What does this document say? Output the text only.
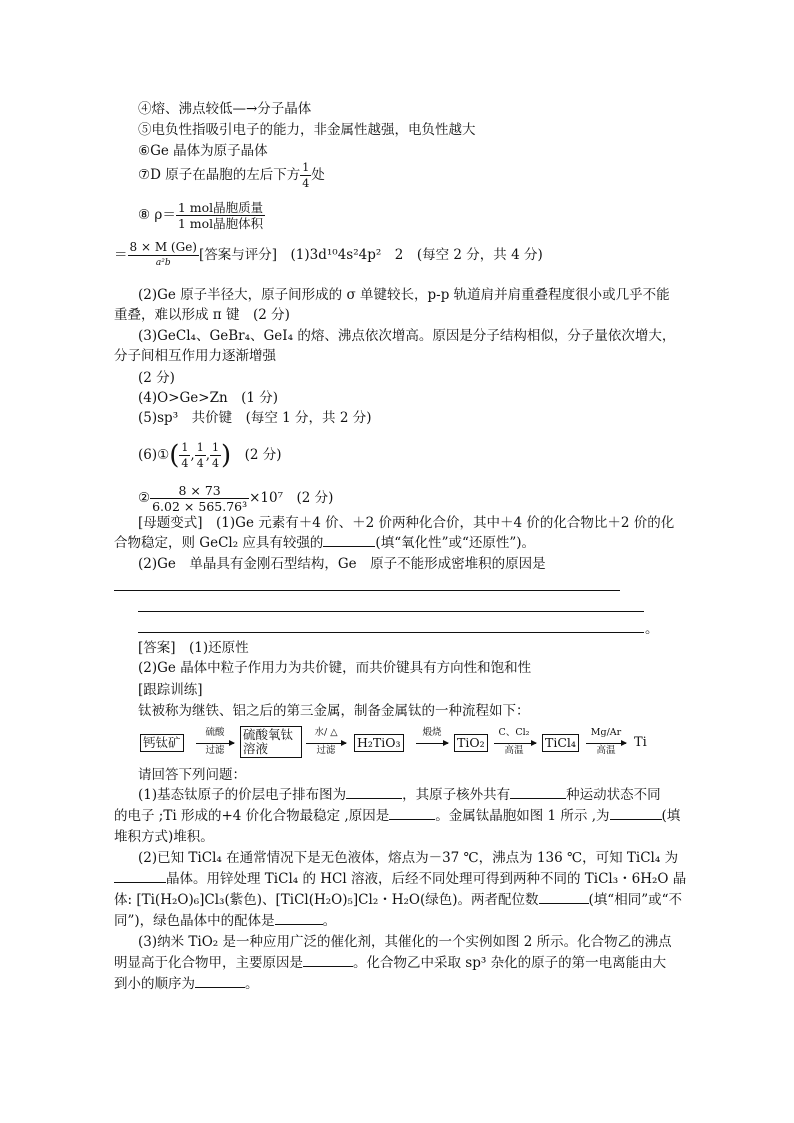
④熔、沸点较低—→分子晶体
⑤电负性指吸引电子的能力，非金属性越强，电负性越大
⑥Ge 晶体为原子晶体
⑦D 原子在晶胞的左后下方 $\frac{1}{4}$ 处
⑧ $\rho= \frac{\text{1 mol晶胞质量}}{\text{1 mol晶胞体积}}$
＝ $\frac{8 \times M (Ge)}{\text{a²b}}$ [答案与评分]　(1)3d¹⁰4s²4p²　2　(每空 2 分，共 4 分)
(2)Ge 原子半径大，原子间形成的 σ 单键较长，p-p 轨道肩并肩重叠程度很小或几乎不能
重叠，难以形成 π 键　(2 分)
(3)GeCl₄、GeBr₄、GeI₄ 的熔、沸点依次增高。原因是分子结构相似，分子量依次增大，
分子间相互作用力逐渐增强
(2 分)
(4)O>Ge>Zn　(1 分)
(5)sp³　共价键　(每空 1 分，共 2 分)
(6)①( $\frac{1}{4}$ , $\frac{1}{4}$ , $\frac{1}{4}$ )　 (2 分)
② $\frac{8 \times 73}{\text{6.02 × 565.76³}} \times 10^7$　(2 分)
[母题变式]　(1)Ge 元素有＋4 价、＋2 价两种化合价，其中＋4 价的化合物比＋2 价的化
合物稳定，则 GeCl₂ 应具有较强的	(填“氧化性”或“还原性”)。
(2)Ge　单晶具有金刚石型结构，Ge　原子不能形成密堆积的原因是
。
[答案]　(1)还原性
(2)Ge 晶体中粒子作用力为共价键，而共价键具有方向性和饱和性
[跟踪训练]
钛被称为继铁、铝之后的第三金属，制备金属钛的一种流程如下：
钙钛矿
硫酸
过滤
硫酸氧钛
溶液
水/ △
过滤
H₂TiO₃
煅烧
TiO₂
C、Cl₂
高温
TiCl₄
Mg/Ar
高温
Ti
请回答下列问题：
(1)基态钛原子的价层电子排布图为	，其原子核外共有	种运动状态不同
的电子 ;Ti 形成的+4 价化合物最稳定 ,原因是	。金属钛晶胞如图 1 所示 ,为	(填
堆积方式)堆积。
(2)已知 TiCl₄ 在通常情况下是无色液体，熔点为－37 ℃，沸点为 136 ℃，可知 TiCl₄ 为
晶体。用锌处理 TiCl₄ 的 HCl 溶液，后经不同处理可得到两种不同的 TiCl₃・6H₂O 晶
体: [Ti(H₂O)₆]Cl₃(紫色)、[TiCl(H₂O)₅]Cl₂・H₂O(绿色)。两者配位数	(填“相同”或“不
同”)，绿色晶体中的配体是	。
(3)纳米 TiO₂ 是一种应用广泛的催化剂，其催化的一个实例如图 2 所示。化合物乙的沸点
明显高于化合物甲，主要原因是	。化合物乙中采取 sp³ 杂化的原子的第一电离能由大
到小的顺序为	。
